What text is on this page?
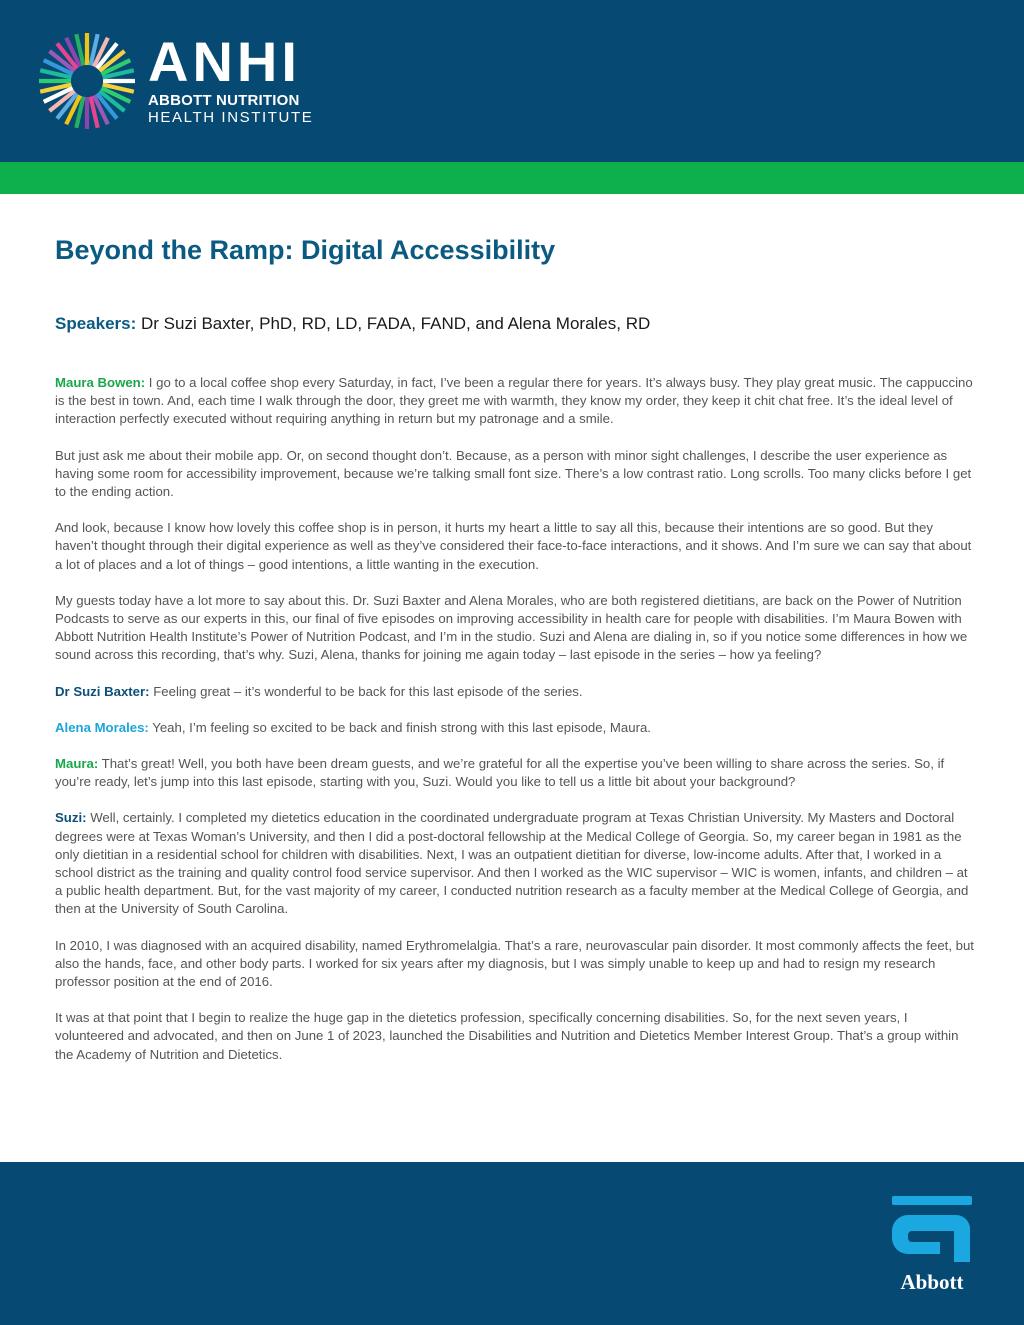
ANHI
ABBOTT NUTRITION
HEALTH INSTITUTE
Beyond the Ramp: Digital Accessibility
Speakers: Dr Suzi Baxter, PhD, RD, LD, FADA, FAND, and Alena Morales, RD

Maura Bowen: I go to a local coffee shop every Saturday, in fact, I’ve been a regular there for years. It’s always busy. They play great music. The cappuccino is the best in town. And, each time I walk through the door, they greet me with warmth, they know my order, they keep it chit chat free. It’s the ideal level of interaction perfectly executed without requiring anything in return but my patronage and a smile.

But just ask me about their mobile app. Or, on second thought don’t. Because, as a person with minor sight challenges, I describe the user experience as having some room for accessibility improvement, because we’re talking small font size. There’s a low contrast ratio. Long scrolls. Too many clicks before I get to the ending action.

And look, because I know how lovely this coffee shop is in person, it hurts my heart a little to say all this, because their intentions are so good. But they haven’t thought through their digital experience as well as they’ve considered their face-to-face interactions, and it shows. And I’m sure we can say that about a lot of places and a lot of things – good intentions, a little wanting in the execution.

My guests today have a lot more to say about this. Dr. Suzi Baxter and Alena Morales, who are both registered dietitians, are back on the Power of Nutrition Podcasts to serve as our experts in this, our final of five episodes on improving accessibility in health care for people with disabilities. I’m Maura Bowen with Abbott Nutrition Health Institute’s Power of Nutrition Podcast, and I’m in the studio. Suzi and Alena are dialing in, so if you notice some differences in how we sound across this recording, that’s why. Suzi, Alena, thanks for joining me again today – last episode in the series – how ya feeling?

Dr Suzi Baxter: Feeling great – it’s wonderful to be back for this last episode of the series.

Alena Morales: Yeah, I’m feeling so excited to be back and finish strong with this last episode, Maura.

Maura: That’s great! Well, you both have been dream guests, and we’re grateful for all the expertise you’ve been willing to share across the series. So, if you’re ready, let’s jump into this last episode, starting with you, Suzi. Would you like to tell us a little bit about your background?

Suzi: Well, certainly. I completed my dietetics education in the coordinated undergraduate program at Texas Christian University. My Masters and Doctoral degrees were at Texas Woman’s University, and then I did a post-doctoral fellowship at the Medical College of Georgia. So, my career began in 1981 as the only dietitian in a residential school for children with disabilities. Next, I was an outpatient dietitian for diverse, low-income adults. After that, I worked in a school district as the training and quality control food service supervisor. And then I worked as the WIC supervisor – WIC is women, infants, and children – at a public health department. But, for the vast majority of my career, I conducted nutrition research as a faculty member at the Medical College of Georgia, and then at the University of South Carolina.

In 2010, I was diagnosed with an acquired disability, named Erythromelalgia. That’s a rare, neurovascular pain disorder. It most commonly affects the feet, but also the hands, face, and other body parts. I worked for six years after my diagnosis, but I was simply unable to keep up and had to resign my research professor position at the end of 2016.

It was at that point that I begin to realize the huge gap in the dietetics profession, specifically concerning disabilities. So, for the next seven years, I volunteered and advocated, and then on June 1 of 2023, launched the Disabilities and Nutrition and Dietetics Member Interest Group. That’s a group within the Academy of Nutrition and Dietetics.

Abbott
